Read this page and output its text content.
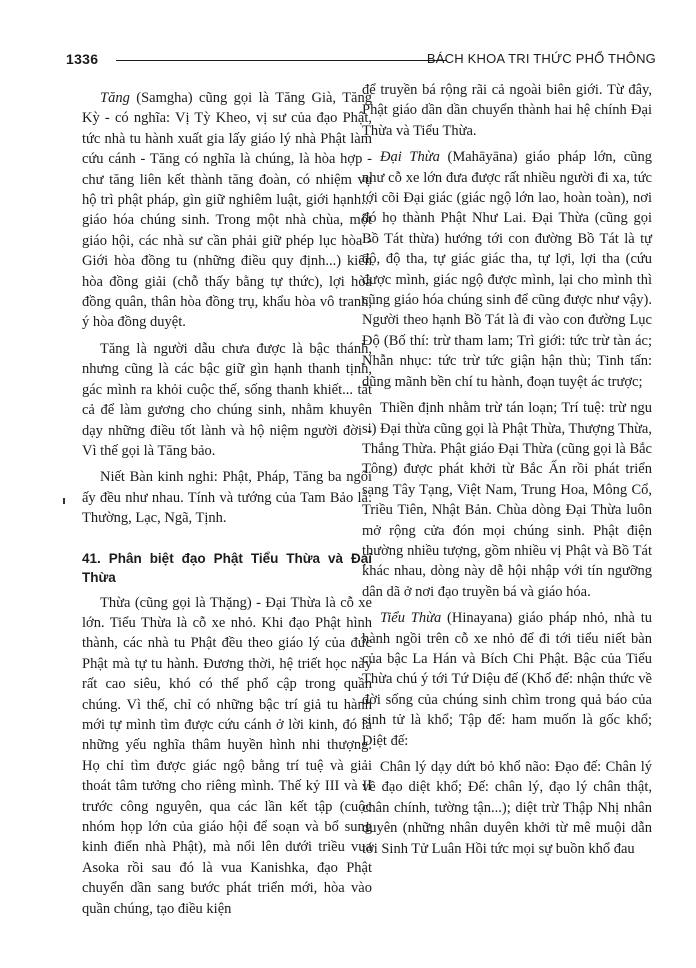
1336	BÁCH KHOA TRI THỨC PHỔ THÔNG

Tăng (Samgha) cũng gọi là Tăng Già, Tăng Kỳ - có nghĩa: Vị Tỳ Kheo, vị sư của đạo Phật, tức nhà tu hành xuất gia lấy giáo lý nhà Phật làm cứu cánh - Tăng có nghĩa là chúng, là hòa hợp - chư tăng liên kết thành tăng đoàn, có nhiệm vụ hộ trì phật pháp, gìn giữ nghiêm luật, giới hạnh... giáo hóa chúng sinh. Trong một nhà chùa, một giáo hội, các nhà sư cần phải giữ phép lục hòa - Giới hòa đồng tu (những điều quy định...) kiến hòa đồng giải (chỗ thấy bằng tự thức), lợi hòa đồng quân, thân hòa đồng trụ, khẩu hòa vô tranh, ý hòa đồng duyệt.

Tăng là người dẫu chưa được là bậc thánh, nhưng cũng là các bậc giữ gìn hạnh thanh tịnh, gác mình ra khỏi cuộc thế, sống thanh khiết... tất cả để làm gương cho chúng sinh, nhằm khuyên dạy những điều tốt lành và hộ niệm người đời - Vì thế gọi là Tăng bảo.

Niết Bàn kinh nghi: Phật, Pháp, Tăng ba ngôi ấy đều như nhau. Tính và tướng của Tam Bảo là: Thường, Lạc, Ngã, Tịnh.

41. Phân biệt đạo Phật Tiểu Thừa và Đại Thừa

Thừa (cũng gọi là Thặng) - Đại Thừa là cỗ xe lớn. Tiểu Thừa là cỗ xe nhỏ. Khi đạo Phật hình thành, các nhà tu Phật đều theo giáo lý của đức Phật mà tự tu hành. Đương thời, hệ triết học này rất cao siêu, khó có thể phổ cập trong quần chúng. Vì thế, chỉ có những bậc trí giả tu hành mới tự mình tìm được cứu cánh ở lời kinh, đó là những yếu nghĩa thâm huyền hình nhi thượng. Họ chỉ tìm được giác ngộ bằng trí tuệ và giải thoát tâm tưởng cho riêng mình. Thế kỷ III và II trước công nguyên, qua các lần kết tập (cuộc nhóm họp lớn của giáo hội để soạn và bổ sung kinh điển nhà Phật), mà nổi lên dưới triều vua Asoka rồi sau đó là vua Kanishka, đạo Phật chuyển dần sang bước phát triển mới, hòa vào quần chúng, tạo điều kiện

để truyền bá rộng rãi cả ngoài biên giới. Từ đây, Phật giáo dần dần chuyển thành hai hệ chính Đại Thừa và Tiểu Thừa.

Đại Thừa (Mahāyāna) giáo pháp lớn, cũng như cỗ xe lớn đưa được rất nhiều người đi xa, tức tới cõi Đại giác (giác ngộ lớn lao, hoàn toàn), nơi đó họ thành Phật Như Lai. Đại Thừa (cũng gọi Bồ Tát thừa) hướng tới con đường Bồ Tát là tự độ, độ tha, tự giác giác tha, tự lợi, lợi tha (cứu được mình, giác ngộ được mình, lại cho mình thì cũng giáo hóa chúng sinh để cũng được như vậy). Người theo hạnh Bồ Tát là đi vào con đường Lục Độ (Bố thí: trừ tham lam; Trì giới: tức trừ tàn ác; Nhẫn nhục: tức trừ tức giận hận thù; Tinh tấn: dũng mãnh bền chí tu hành, đoạn tuyệt ác trược;

Thiền định nhằm trừ tán loạn; Trí tuệ: trừ ngu si) Đại thừa cũng gọi là Phật Thừa, Thượng Thừa, Thắng Thừa. Phật giáo Đại Thừa (cũng gọi là Bắc Tông) được phát khởi từ Bắc Ấn rồi phát triển sang Tây Tạng, Việt Nam, Trung Hoa, Mông Cổ, Triều Tiên, Nhật Bản. Chùa dòng Đại Thừa luôn mở rộng cửa đón mọi chúng sinh. Phật điện thường nhiều tượng, gồm nhiều vị Phật và Bồ Tát khác nhau, dòng này dễ hội nhập với tín ngưỡng dân dã ở nơi đạo truyền bá và giáo hóa.

Tiểu Thừa (Hinayana) giáo pháp nhỏ, nhà tu hành ngồi trên cỗ xe nhỏ để đi tới tiểu niết bàn của bậc La Hán và Bích Chi Phật. Bậc của Tiểu Thừa chú ý tới Tứ Diệu đế (Khổ đế: nhận thức về đời sống của chúng sinh chìm trong quả báo của sinh tử là khổ; Tập đế: ham muốn là gốc khổ; Diệt đế:

Chân lý dạy dứt bỏ khổ não: Đạo đế: Chân lý về đạo diệt khổ; Đế: chân lý, đạo lý chân thật, chân chính, tường tận...); diệt trừ Thập Nhị nhân duyên (những nhân duyên khởi từ mê muội dẫn tới Sinh Tử Luân Hồi tức mọi sự buồn khổ đau
